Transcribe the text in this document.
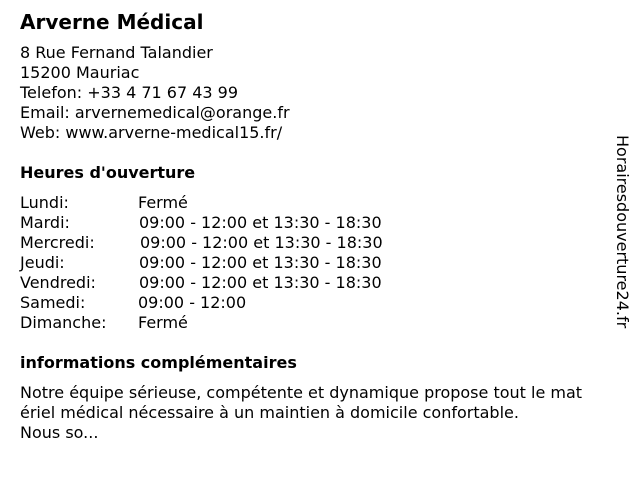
Arverne Médical
8 Rue Fernand Talandier
15200 Mauriac
Telefon: +33 4 71 67 43 99
Email: arvernemedical@orange.fr
Web: www.arverne-medical15.fr/
Heures d'ouverture
Lundi:	Fermé
Mardi:	09:00 - 12:00 et 13:30 - 18:30
Mercredi:	09:00 - 12:00 et 13:30 - 18:30
Jeudi:	09:00 - 12:00 et 13:30 - 18:30
Vendredi:	09:00 - 12:00 et 13:30 - 18:30
Samedi:	09:00 - 12:00
Dimanche: Fermé
informations complémentaires
Notre équipe sérieuse, compétente et dynamique propose tout le mat
ériel médical nécessaire à un maintien à domicile confortable.
Nous so...
Horairesdouverture24.fr
